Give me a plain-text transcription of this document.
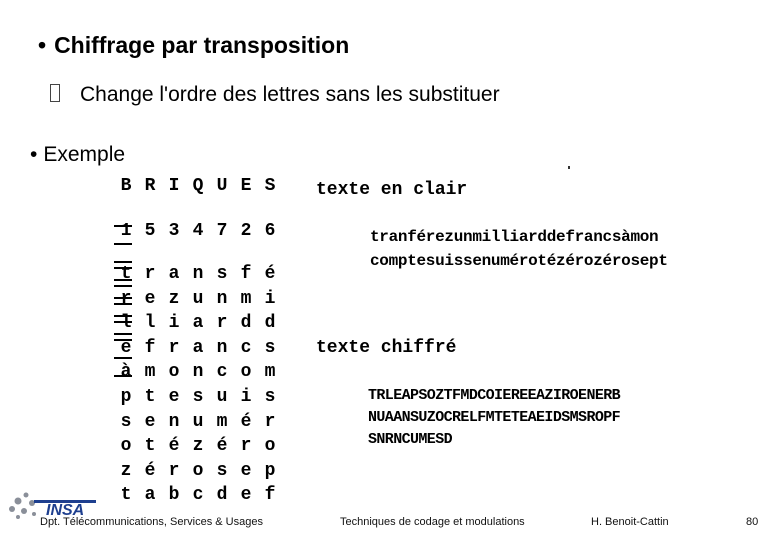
• Chiffrage par transposition
Change l'ordre des lettres sans les substituer
• Exemple
B R I Q U E S
1 5 3 4 7 2 6
t r a n s f é
r e z u n m i
l l i a r d d
e f r a n c s
à m o n c o m
p t e s u i s
s e n u m é r
o t é z é r o
z é r o s e p
t a b c d e f
texte en clair
tranférezunmilliarddefrancsàmon
comptesuissenumérotézérozérosept
texte chiffré
TRLEAPSOZTFMDCOIEREEAZIROENERB
NUAANSUZOCRELFMTETEAEIDSMSROPF
SNRNCUMESD
INSA
Dpt. Télécommunications, Services & Usages	Techniques de codage et modulations	H. Benoit-Cattin	80
